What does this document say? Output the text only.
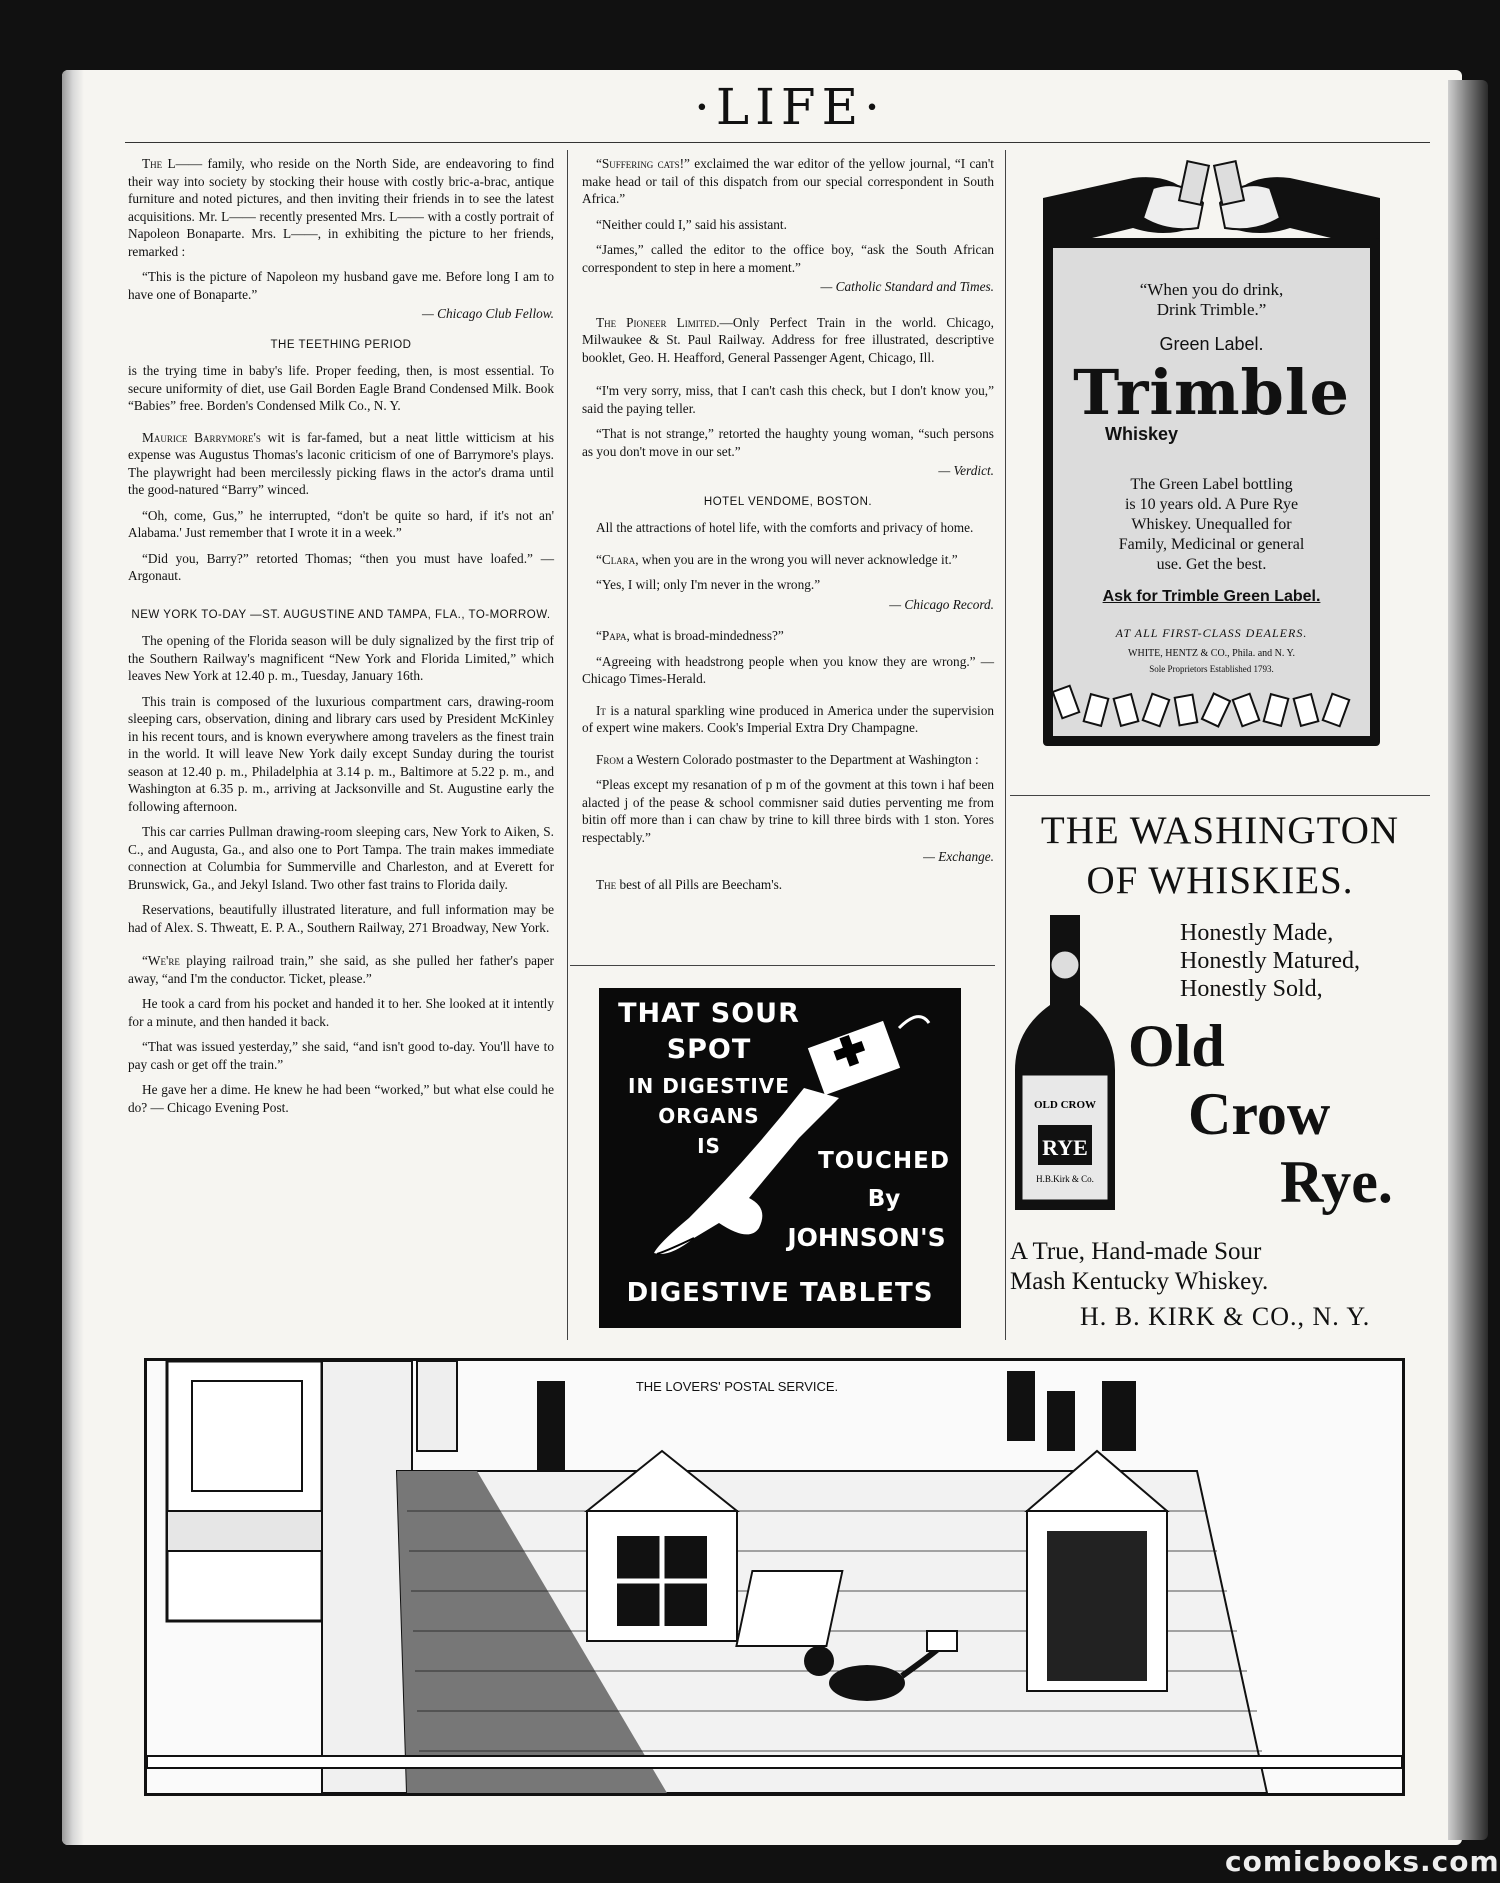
·LIFE·

The L—— family, who reside on the North Side, are endeavoring to find their way into society by stocking their house with costly bric-a-brac, antique furniture and noted pictures, and then inviting their friends in to see the latest acquisitions. Mr. L—— recently presented Mrs. L—— with a costly portrait of Napoleon Bonaparte. Mrs. L——, in exhibiting the picture to her friends, remarked :

“This is the picture of Napoleon my husband gave me. Before long I am to have one of Bonaparte.”

— Chicago Club Fellow.
THE TEETHING PERIOD

is the trying time in baby's life. Proper feeding, then, is most essential. To secure uniformity of diet, use Gail Borden Eagle Brand Condensed Milk. Book “Babies” free. Borden's Condensed Milk Co., N. Y.

Maurice Barrymore's wit is far-famed, but a neat little witticism at his expense was Augustus Thomas's laconic criticism of one of Barrymore's plays. The playwright had been mercilessly picking flaws in the actor's drama until the good-natured “Barry” winced.

“Oh, come, Gus,” he interrupted, “don't be quite so hard, if it's not an' Alabama.' Just remember that I wrote it in a week.”

“Did you, Barry?” retorted Thomas; “then you must have loafed.” — Argonaut.

NEW YORK TO-DAY —ST. AUGUSTINE AND TAMPA, FLA., TO-MORROW.

The opening of the Florida season will be duly signalized by the first trip of the Southern Railway's magnificent “New York and Florida Limited,” which leaves New York at 12.40 p. m., Tuesday, January 16th.

This train is composed of the luxurious compartment cars, drawing-room sleeping cars, observation, dining and library cars used by President McKinley in his recent tours, and is known everywhere among travelers as the finest train in the world. It will leave New York daily except Sunday during the tourist season at 12.40 p. m., Philadelphia at 3.14 p. m., Baltimore at 5.22 p. m., and Washington at 6.35 p. m., arriving at Jacksonville and St. Augustine early the following afternoon.

This car carries Pullman drawing-room sleeping cars, New York to Aiken, S. C., and Augusta, Ga., and also one to Port Tampa. The train makes immediate connection at Columbia for Summerville and Charleston, and at Everett for Brunswick, Ga., and Jekyl Island. Two other fast trains to Florida daily.

Reservations, beautifully illustrated literature, and full information may be had of Alex. S. Thweatt, E. P. A., Southern Railway, 271 Broadway, New York.

“We're playing railroad train,” she said, as she pulled her father's paper away, “and I'm the conductor. Ticket, please.”

He took a card from his pocket and handed it to her. She looked at it intently for a minute, and then handed it back.

“That was issued yesterday,” she said, “and isn't good to-day. You'll have to pay cash or get off the train.”

He gave her a dime. He knew he had been “worked,” but what else could he do? — Chicago Evening Post.

“Suffering cats!” exclaimed the war editor of the yellow journal, “I can't make head or tail of this dispatch from our special correspondent in South Africa.”

“Neither could I,” said his assistant.

“James,” called the editor to the office boy, “ask the South African correspondent to step in here a moment.”

— Catholic Standard and Times.

The Pioneer Limited.—Only Perfect Train in the world. Chicago, Milwaukee & St. Paul Railway. Address for free illustrated, descriptive booklet, Geo. H. Heafford, General Passenger Agent, Chicago, Ill.

“I'm very sorry, miss, that I can't cash this check, but I don't know you,” said the paying teller.

“That is not strange,” retorted the haughty young woman, “such persons as you don't move in our set.”

— Verdict.
HOTEL VENDOME, BOSTON.

All the attractions of hotel life, with the comforts and privacy of home.

“Clara, when you are in the wrong you will never acknowledge it.”

“Yes, I will; only I'm never in the wrong.”

— Chicago Record.

“Papa, what is broad-mindedness?”

“Agreeing with headstrong people when you know they are wrong.” — Chicago Times-Herald.

It is a natural sparkling wine produced in America under the supervision of expert wine makers. Cook's Imperial Extra Dry Champagne.

From a Western Colorado postmaster to the Department at Washington :

“Pleas except my resanation of p m of the govment at this town i haf been alacted j of the pease & school commisner said duties perventing me from bitin off more than i can chaw by trine to kill three birds with 1 ston. Yores respectably.”

— Exchange.

The best of all Pills are Beecham's.

THAT SOUR
SPOT
IN DIGESTIVE
ORGANS
IS
TOUCHED
By
JOHNSON'S
DIGESTIVE TABLETS
“When you do drink,
Drink Trimble.”
Green Label.
Trimble
Whiskey
The Green Label bottling
is 10 years old. A Pure Rye
Whiskey. Unequalled for
Family, Medicinal or general
use. Get the best.
Ask for Trimble Green Label.
AT ALL FIRST-CLASS DEALERS.
WHITE, HENTZ & CO., Phila. and N. Y.
Sole Proprietors Established 1793.
THE WASHINGTON
OF WHISKIES.
Honestly Made,
Honestly Matured,
Honestly Sold,
Old
Crow
Rye.
A True, Hand-made Sour
Mash Kentucky Whiskey.
H. B. KIRK & CO., N. Y.
OLD CROW
RYE
H.B.Kirk & Co.
THE LOVERS' POSTAL SERVICE.
comicbooks.com
